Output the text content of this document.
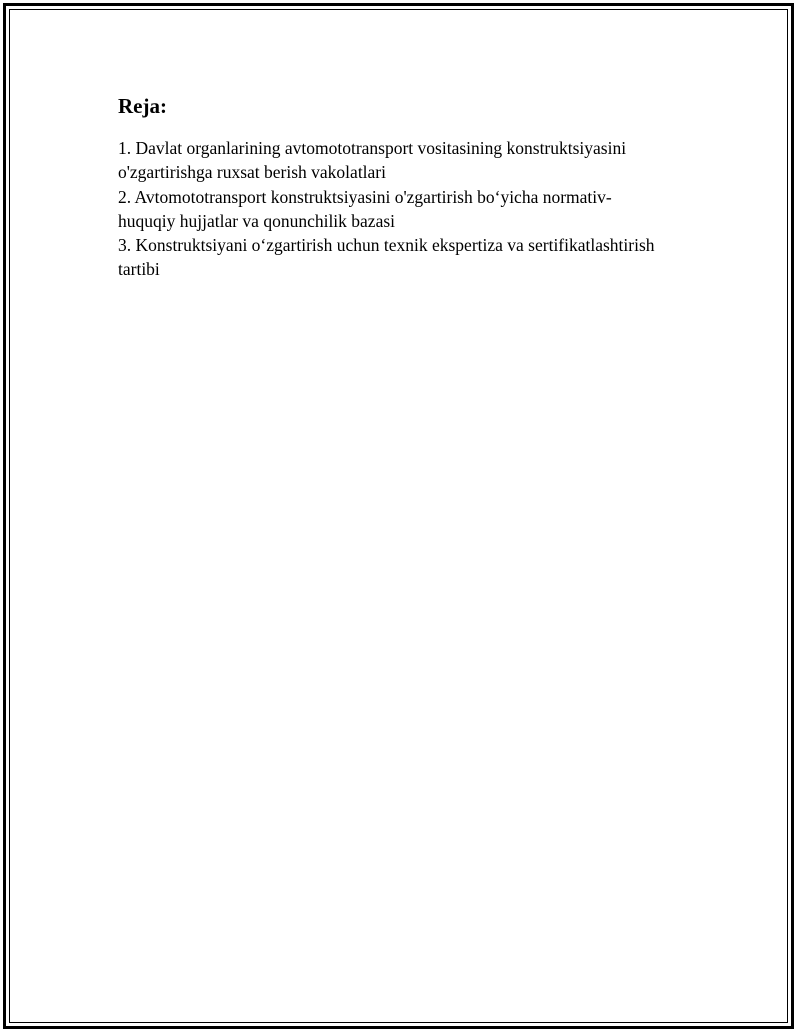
Reja:
1. Davlat organlarining avtomototransport vositasining konstruktsiyasini
o'zgartirishga ruxsat berish vakolatlari
2. Avtomototransport konstruktsiyasini o'zgartirish bo‘yicha normativ-
huquqiy hujjatlar va qonunchilik bazasi
3. Konstruktsiyani o‘zgartirish uchun texnik ekspertiza va sertifikatlashtirish
tartibi
